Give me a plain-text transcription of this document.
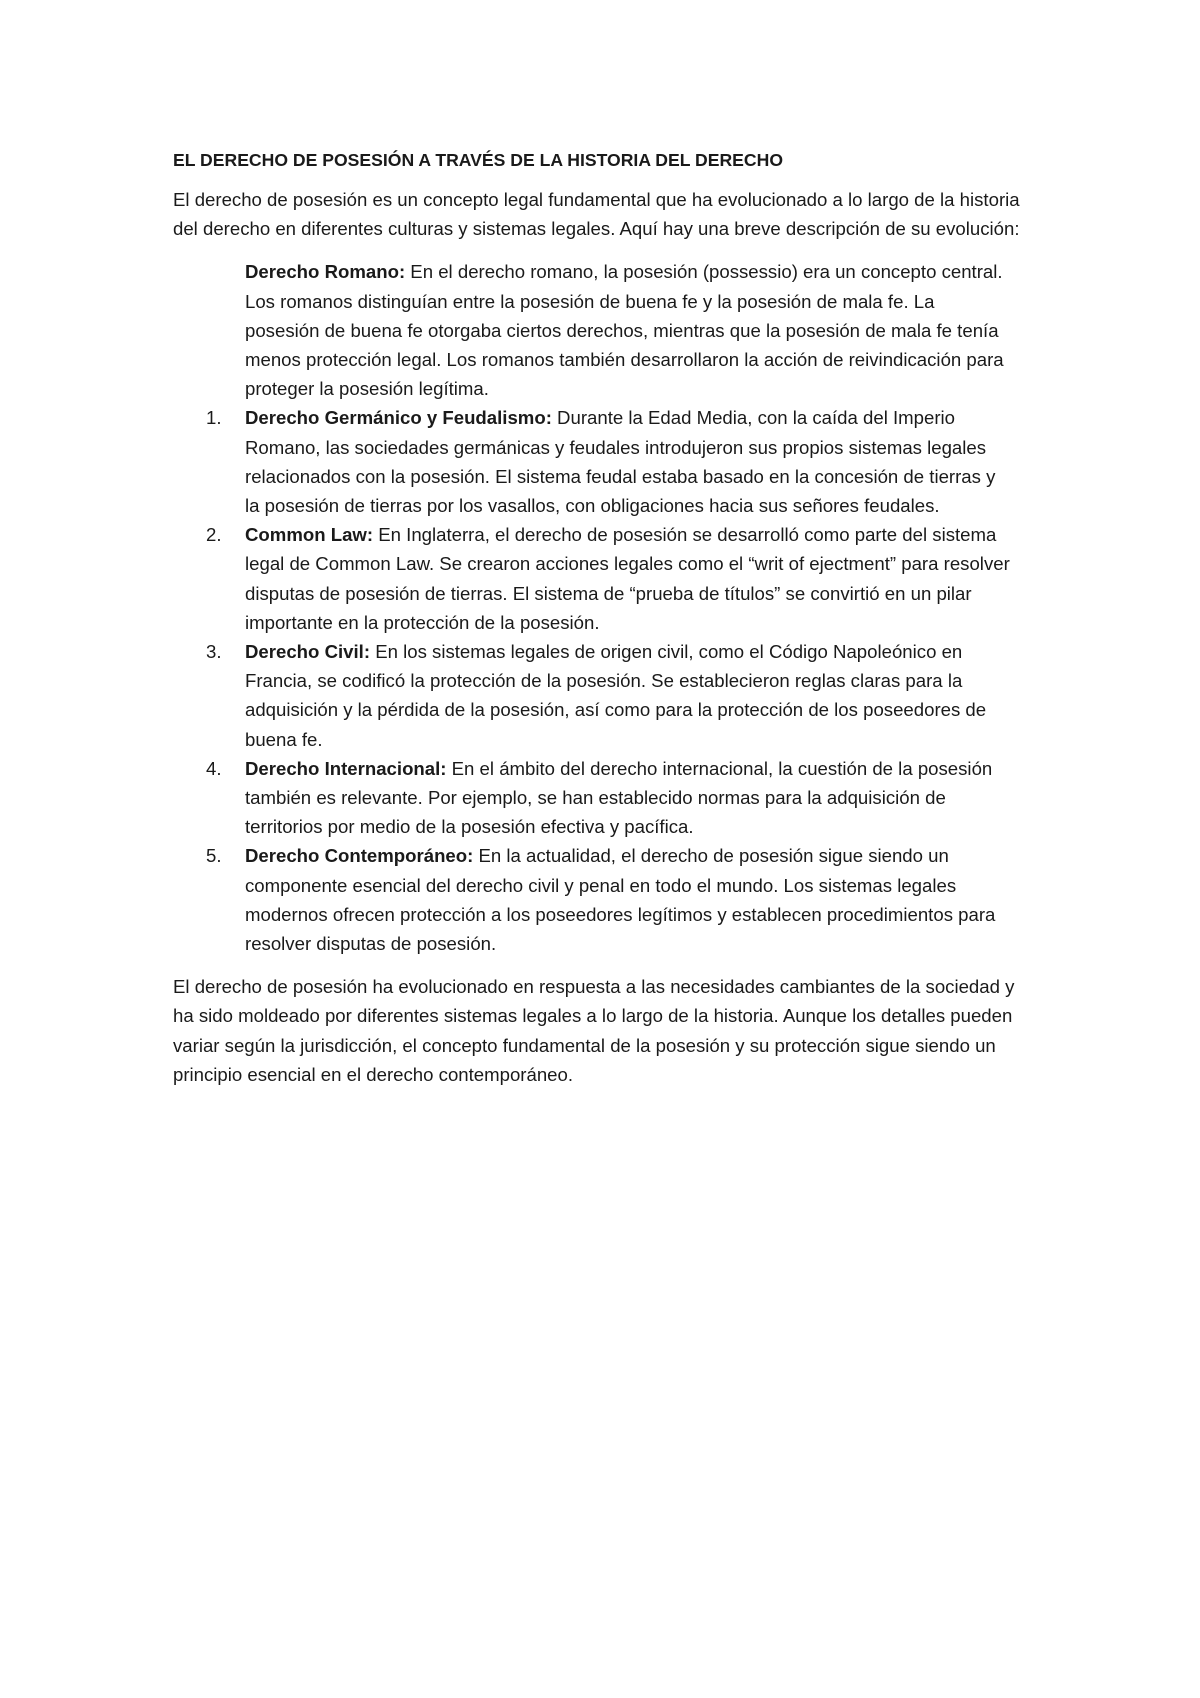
EL DERECHO DE POSESIÓN A TRAVÉS DE LA HISTORIA DEL DERECHO

El derecho de posesión es un concepto legal fundamental que ha evolucionado a lo largo de la historia del derecho en diferentes culturas y sistemas legales. Aquí hay una breve descripción de su evolución:

Derecho Romano: En el derecho romano, la posesión (possessio) era un concepto central. Los romanos distinguían entre la posesión de buena fe y la posesión de mala fe. La posesión de buena fe otorgaba ciertos derechos, mientras que la posesión de mala fe tenía menos protección legal. Los romanos también desarrollaron la acción de reivindicación para proteger la posesión legítima.
1. Derecho Germánico y Feudalismo: Durante la Edad Media, con la caída del Imperio Romano, las sociedades germánicas y feudales introdujeron sus propios sistemas legales relacionados con la posesión. El sistema feudal estaba basado en la concesión de tierras y la posesión de tierras por los vasallos, con obligaciones hacia sus señores feudales.
2. Common Law: En Inglaterra, el derecho de posesión se desarrolló como parte del sistema legal de Common Law. Se crearon acciones legales como el “writ of ejectment” para resolver disputas de posesión de tierras. El sistema de “prueba de títulos” se convirtió en un pilar importante en la protección de la posesión.
3. Derecho Civil: En los sistemas legales de origen civil, como el Código Napoleónico en Francia, se codificó la protección de la posesión. Se establecieron reglas claras para la adquisición y la pérdida de la posesión, así como para la protección de los poseedores de buena fe.
4. Derecho Internacional: En el ámbito del derecho internacional, la cuestión de la posesión también es relevante. Por ejemplo, se han establecido normas para la adquisición de territorios por medio de la posesión efectiva y pacífica.
5. Derecho Contemporáneo: En la actualidad, el derecho de posesión sigue siendo un componente esencial del derecho civil y penal en todo el mundo. Los sistemas legales modernos ofrecen protección a los poseedores legítimos y establecen procedimientos para resolver disputas de posesión.

El derecho de posesión ha evolucionado en respuesta a las necesidades cambiantes de la sociedad y ha sido moldeado por diferentes sistemas legales a lo largo de la historia. Aunque los detalles pueden variar según la jurisdicción, el concepto fundamental de la posesión y su protección sigue siendo un principio esencial en el derecho contemporáneo.
